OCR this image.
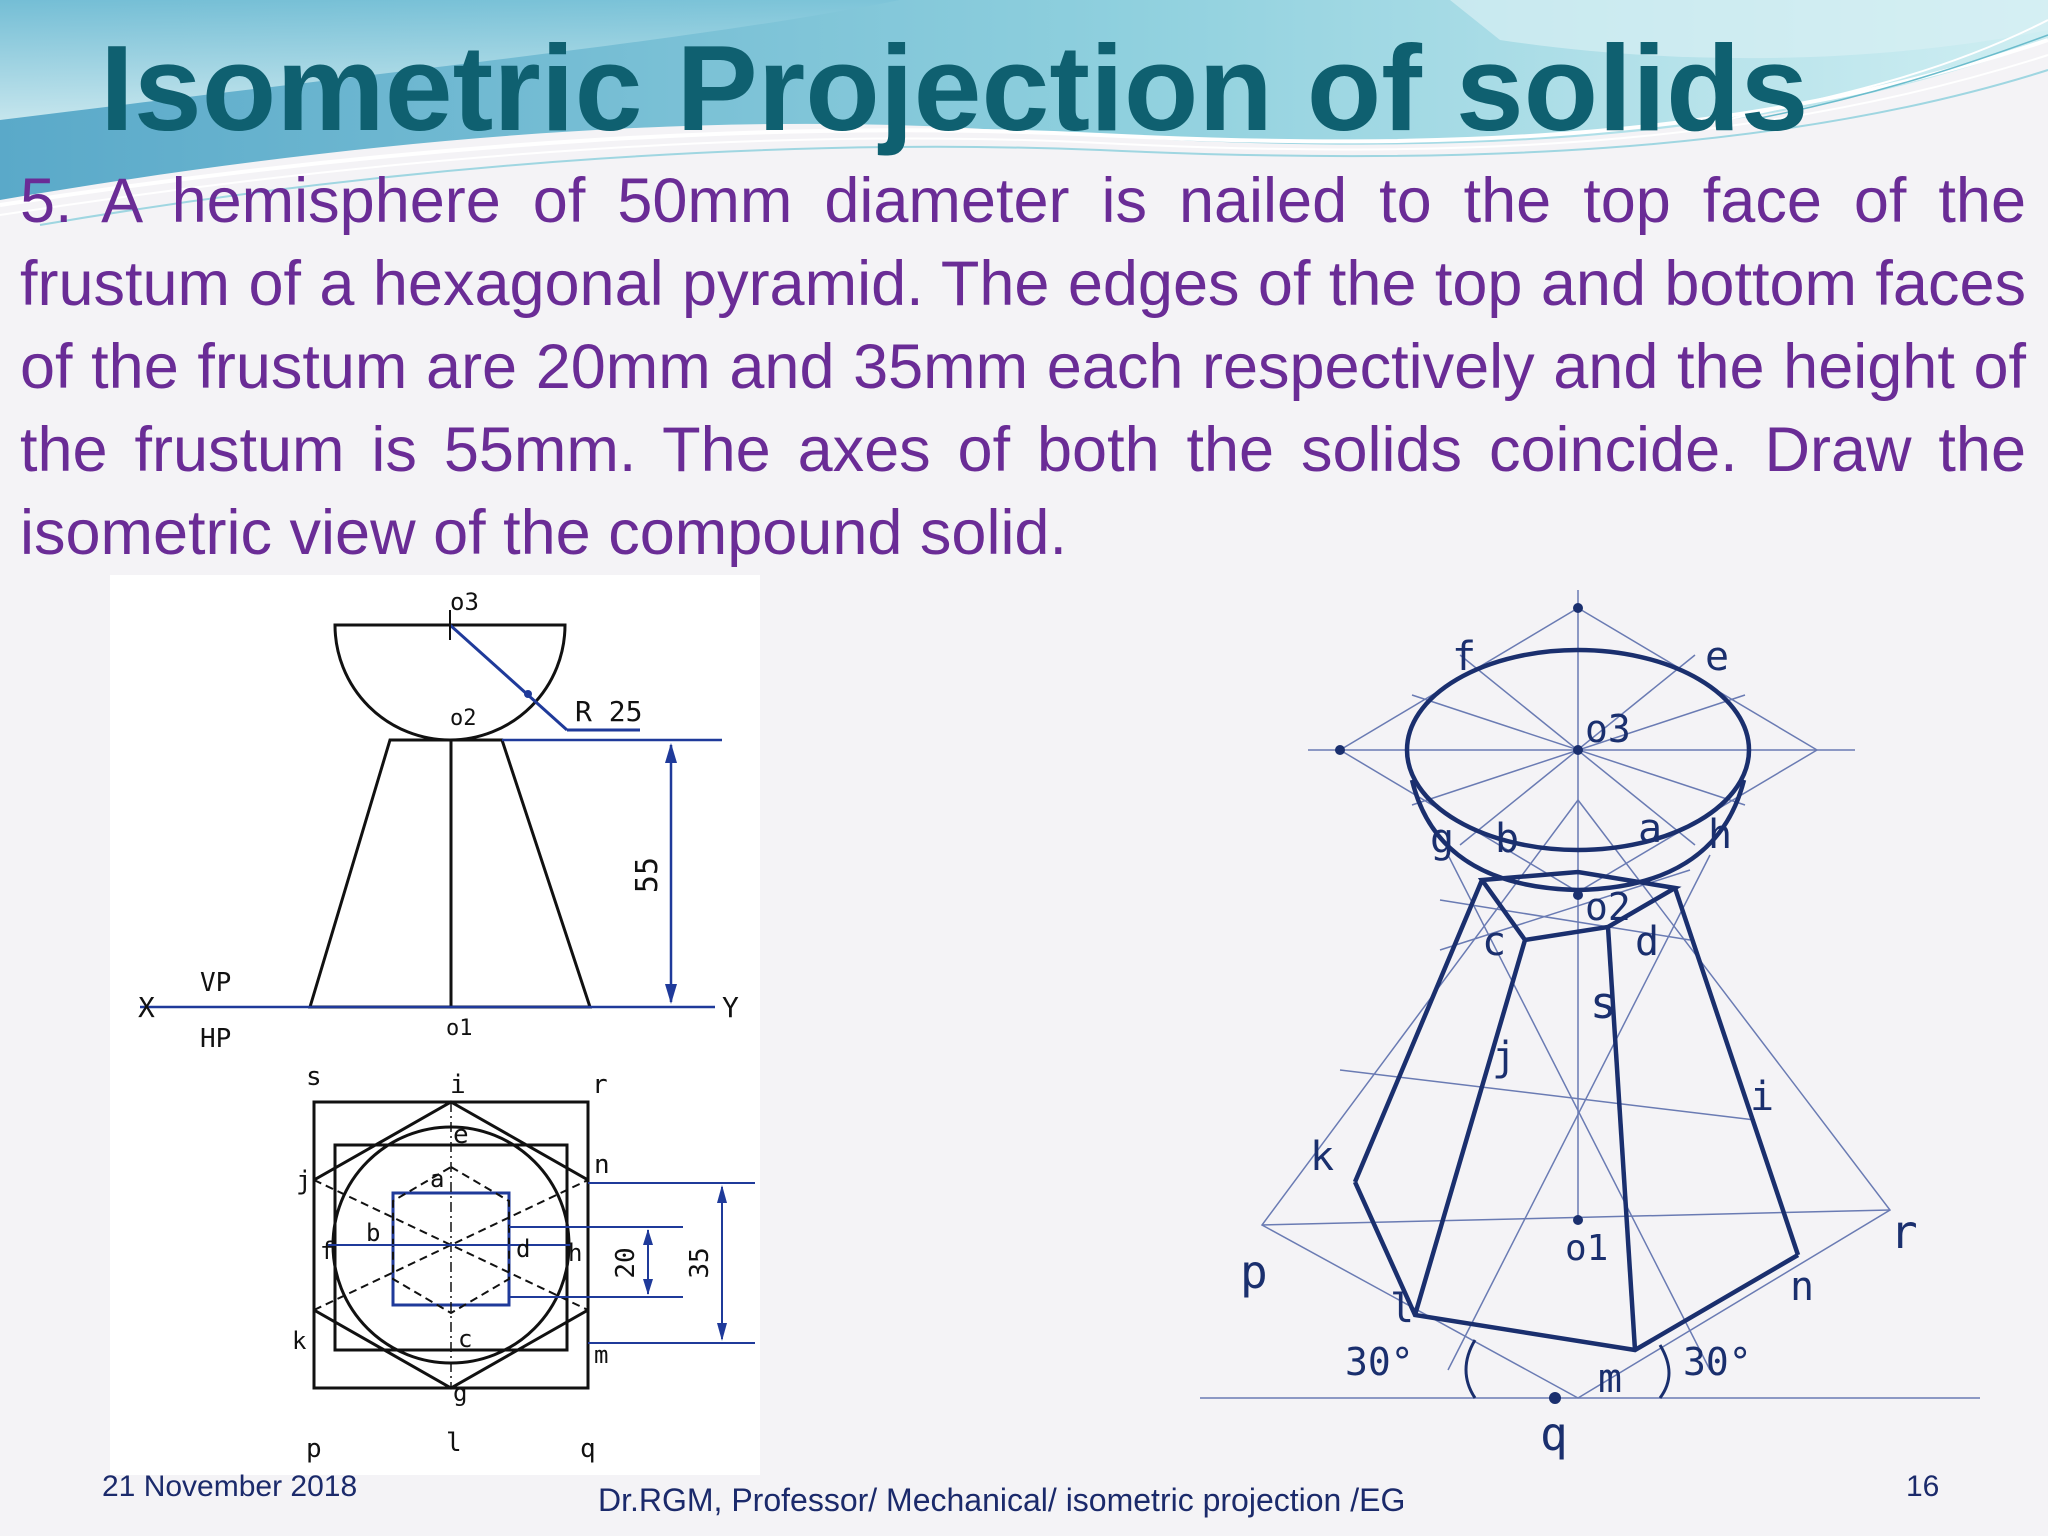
Isometric Projection of solids

5. A hemisphere of 50mm diameter is nailed to the top face of the frustum of a hexagonal pyramid. The edges of the top and bottom faces of the frustum are 20mm and 35mm each respectively and the height of the frustum is 55mm. The axes of both the solids coincide. Draw the isometric view of the compound solid.

o3
R 25
o2
55
X	Y
VP
HP	o1
20 35
s	i	r
e
j
n
a
b
f	d h
k	c
m
g
p	l	q
f	e
o3
g b	a h
o2
c	d
s
j
i
k
o1
p
r
n
l
m
30°	30°
q
21 November 2018	Dr.RGM, Professor/ Mechanical/ isometric projection /EG	16
